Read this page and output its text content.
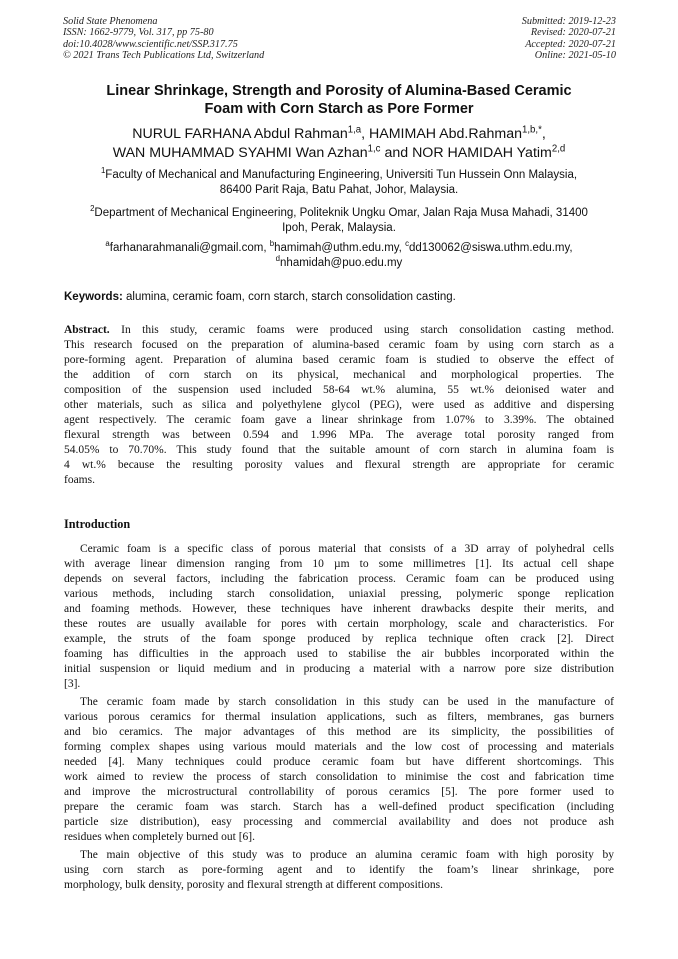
Solid State Phenomena
ISSN: 1662-9779, Vol. 317, pp 75-80
doi:10.4028/www.scientific.net/SSP.317.75
© 2021 Trans Tech Publications Ltd, Switzerland
Submitted: 2019-12-23
Revised: 2020-07-21
Accepted: 2020-07-21
Online: 2021-05-10
Linear Shrinkage, Strength and Porosity of Alumina-Based Ceramic
Foam with Corn Starch as Pore Former
NURUL FARHANA Abdul Rahman$^{1,a}$, HAMIMAH Abd.Rahman$^{1,b,*}$,
WAN MUHAMMAD SYAHMI Wan Azhan$^{1,c}$ and NOR HAMIDAH Yatim$^{2,d}$
$^1$Faculty of Mechanical and Manufacturing Engineering, Universiti Tun Hussein Onn Malaysia,
86400 Parit Raja, Batu Pahat, Johor, Malaysia.
$^2$Department of Mechanical Engineering, Politeknik Ungku Omar, Jalan Raja Musa Mahadi, 31400
Ipoh, Perak, Malaysia.
$^a$farhanarahmanali@gmail.com, $^b$hamimah@uthm.edu.my, $^c$dd130062@siswa.uthm.edu.my,
$^d$nhamidah@puo.edu.my
Keywords: alumina, ceramic foam, corn starch, starch consolidation casting.
Abstract. In this study, ceramic foams were produced using starch consolidation casting method.
This research focused on the preparation of alumina-based ceramic foam by using corn starch as a
pore-forming agent. Preparation of alumina based ceramic foam is studied to observe the effect of
the addition of corn starch on its physical, mechanical and morphological properties. The
composition of the suspension used included 58-64 wt.% alumina, 55 wt.% deionised water and
other materials, such as silica and polyethylene glycol (PEG), were used as additive and dispersing
agent respectively. The ceramic foam gave a linear shrinkage from 1.07% to 3.39%. The obtained
flexural strength was between 0.594 and 1.996 MPa. The average total porosity ranged from
54.05% to 70.70%. This study found that the suitable amount of corn starch in alumina foam is
4 wt.% because the resulting porosity values and flexural strength are appropriate for ceramic
foams.
Introduction
Ceramic foam is a specific class of porous material that consists of a 3D array of polyhedral cells
with average linear dimension ranging from 10 µm to some millimetres [1]. Its actual cell shape
depends on several factors, including the fabrication process. Ceramic foam can be produced using
various methods, including starch consolidation, uniaxial pressing, polymeric sponge replication
and foaming methods. However, these techniques have inherent drawbacks despite their merits, and
these routes are usually available for pores with certain morphology, scale and characteristics. For
example, the struts of the foam sponge produced by replica technique often crack [2]. Direct
foaming has difficulties in the approach used to stabilise the air bubbles incorporated within the
initial suspension or liquid medium and in producing a material with a narrow pore size distribution
[3].
The ceramic foam made by starch consolidation in this study can be used in the manufacture of
various porous ceramics for thermal insulation applications, such as filters, membranes, gas burners
and bio ceramics. The major advantages of this method are its simplicity, the possibilities of
forming complex shapes using various mould materials and the low cost of processing and materials
needed [4]. Many techniques could produce ceramic foam but have different shortcomings. This
work aimed to review the process of starch consolidation to minimise the cost and fabrication time
and improve the microstructural controllability of porous ceramics [5]. The pore former used to
prepare the ceramic foam was starch. Starch has a well-defined product specification (including
particle size distribution), easy processing and commercial availability and does not produce ash
residues when completely burned out [6].
The main objective of this study was to produce an alumina ceramic foam with high porosity by
using corn starch as pore-forming agent and to identify the foam’s linear shrinkage, pore
morphology, bulk density, porosity and flexural strength at different compositions.
